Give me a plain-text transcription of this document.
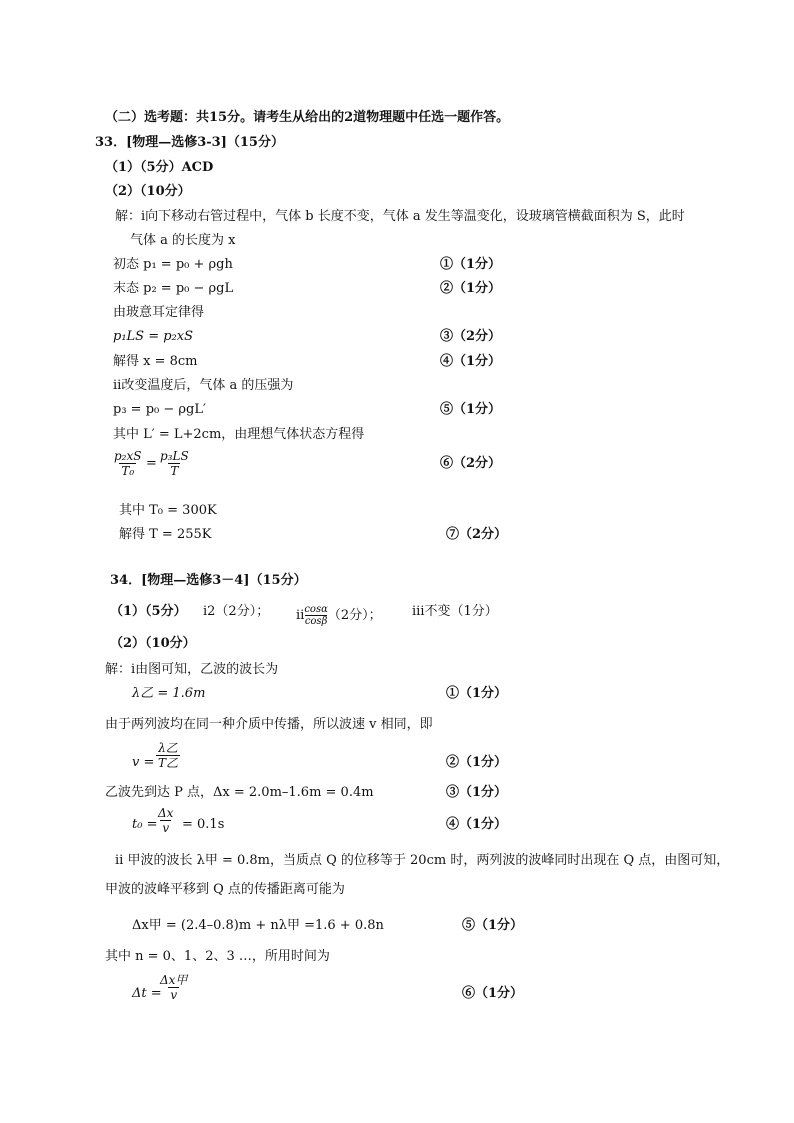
（二）选考题：共15分。请考生从给出的2道物理题中任选一题作答。
33．[物理—选修3-3]（15分）
（1）（5分）ACD
（2）（10分）
解：ⅰ向下移动右管过程中，气体 b 长度不变，气体 a 发生等温变化，设玻璃管横截面积为 S，此时
气体 a 的长度为 x
初态 p₁ = p₀ + ρgh	①（1分）
末态 p₂ = p₀ − ρgL	②（1分）
由玻意耳定律得
p₁LS = p₂xS	③（2分）
解得 x = 8cm	④（1分）
ⅱ改变温度后，气体 a 的压强为
p₃ = p₀ − ρgL′	⑤（1分）
其中 L′ = L+2cm，由理想气体状态方程得
$\frac{\text{p₂xS}}{\text{T₀}} = \frac{\text{p₃LS}}{T}$	⑥（2分）
其中 T₀ = 300K
解得 T = 255K	⑦（2分）
34．[物理—选修3－4]（15分）
（1）（5分） ⅰ2（2分）； ⅱ $\frac{\cos\alpha}{\cos\beta} (2$分）； ⅲ不变（1分）
（2）（10分）
解：ⅰ由图可知，乙波的波长为
λ乙 = 1.6m	①（1分）
由于两列波均在同一种介质中传播，所以波速 v 相同，即
v =
λ乙
T乙	②（1分）
乙波先到达 P 点，Δx = 2.0m–1.6m = 0.4m	③（1分）
t₀ =
$\frac{\Delta x}{v} = 0.1s$	④（1分）
ⅱ 甲波的波长 λ甲 = 0.8m，当质点 Q 的位移等于 20cm 时，两列波的波峰同时出现在 Q 点，由图可知，
甲波的波峰平移到 Q 点的传播距离可能为
Δx甲 = (2.4–0.8)m + nλ甲 =1.6 + 0.8n	⑤（1分）
其中 n = 0、1、2、3 …，所用时间为
Δt =
Δx甲
v	⑥（1分）
